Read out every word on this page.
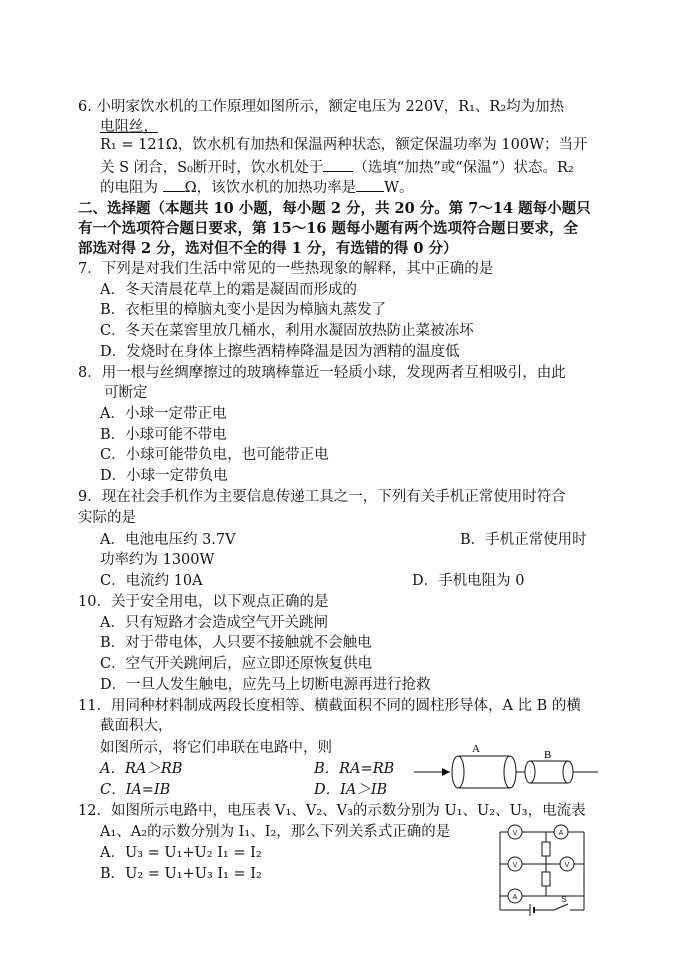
6. 小明家饮水机的工作原理如图所示，额定电压为 220V，R₁、R₂均为加热
电阻丝，
R₁ = 121Ω，饮水机有加热和保温两种状态，额定保温功率为 100W；当开
关 S 闭合，S₀断开时，饮水机处于 （选填“加热”或“保温”）状态。R₂
的电阻为 Ω，该饮水机的加热功率是 W。
二、选择题（本题共 10 小题，每小题 2 分，共 20 分。第 7～14 题每小题只
有一个选项符合题日要求，第 15～16 题每小题有两个选项符合题日要求，全
部选对得 2 分，选对但不全的得 1 分，有选错的得 0 分）
7．下列是对我们生活中常见的一些热现象的解释，其中正确的是
A．冬天清晨花草上的霜是凝固而形成的
B．衣柜里的樟脑丸变小是因为樟脑丸蒸发了
C．冬天在菜窖里放几桶水，利用水凝固放热防止菜被冻坏
D．发烧时在身体上擦些酒精棒降温是因为酒精的温度低
8．用一根与丝绸摩擦过的玻璃棒靠近一轻质小球，发现两者互相吸引，由此
可断定
A．小球一定带正电
B．小球可能不带电
C．小球可能带负电，也可能带正电
D．小球一定带负电
9．现在社会手机作为主要信息传递工具之一，下列有关手机正常使用时符合
实际的是
A．电池电压约 3.7V	B．手机正常使用时
功率约为 1300W
C．电流约 10A	D．手机电阻为 0
10．关于安全用电，以下观点正确的是
A．只有短路才会造成空气开关跳闸
B．对于带电体，人只要不接触就不会触电
C．空气开关跳闸后，应立即还原恢复供电
D．一旦人发生触电，应先马上切断电源再进行抢救
11．用同种材料制成两段长度相等、横截面积不同的圆柱形导体，A 比 B 的横
截面积大，
如图所示，将它们串联在电路中，则
A．RA＞RB	B．RA=RB
C．IA=IB	D．IA＞IB
A	B
12．如图所示电路中，电压表 V₁、V₂、V₃的示数分别为 U₁、U₂、U₃，电流表
A₁、A₂的示数分别为 I₁、I₂，那么下列关系式正确的是
A．U₃ = U₁+U₂ I₁ = I₂
B．U₂ = U₁+U₃ I₁ = I₂
V	A
V	V
A	S
